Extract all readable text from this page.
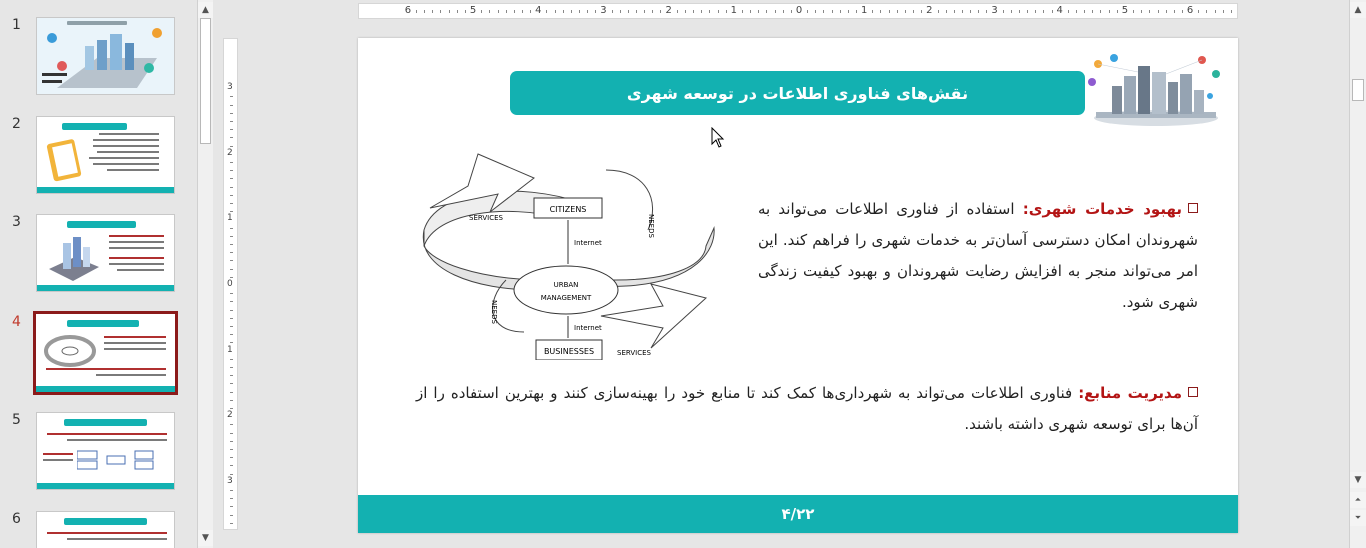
1
2
3
4
5
6
▲
▼
6	5	4	3	2	1	0	1	2	3	4	5	6
3
2
1
0
1
2
3
نقش‌های فناوری اطلاعات در توسعه شهری
CITIZENS
BUSINESSES
URBAN
MANAGEMENT
SERVICES
SERVICES
Internet
Internet
NEEDS
NEEDS
بهبود خدمات شهری: استفاده از فناوری اطلاعات می‌تواند به شهروندان امکان دسترسی آسان‌تر به خدمات شهری را فراهم کند. این امر می‌تواند منجر به افزایش رضایت شهروندان و بهبود کیفیت زندگی شهری شود.
مدیریت منابع: فناوری اطلاعات می‌تواند به شهرداری‌ها کمک کند تا منابع خود را بهینه‌سازی کنند و بهترین استفاده را از آن‌ها برای توسعه شهری داشته باشند.
۴/۲۲
▲
▼
⏶
⏷
